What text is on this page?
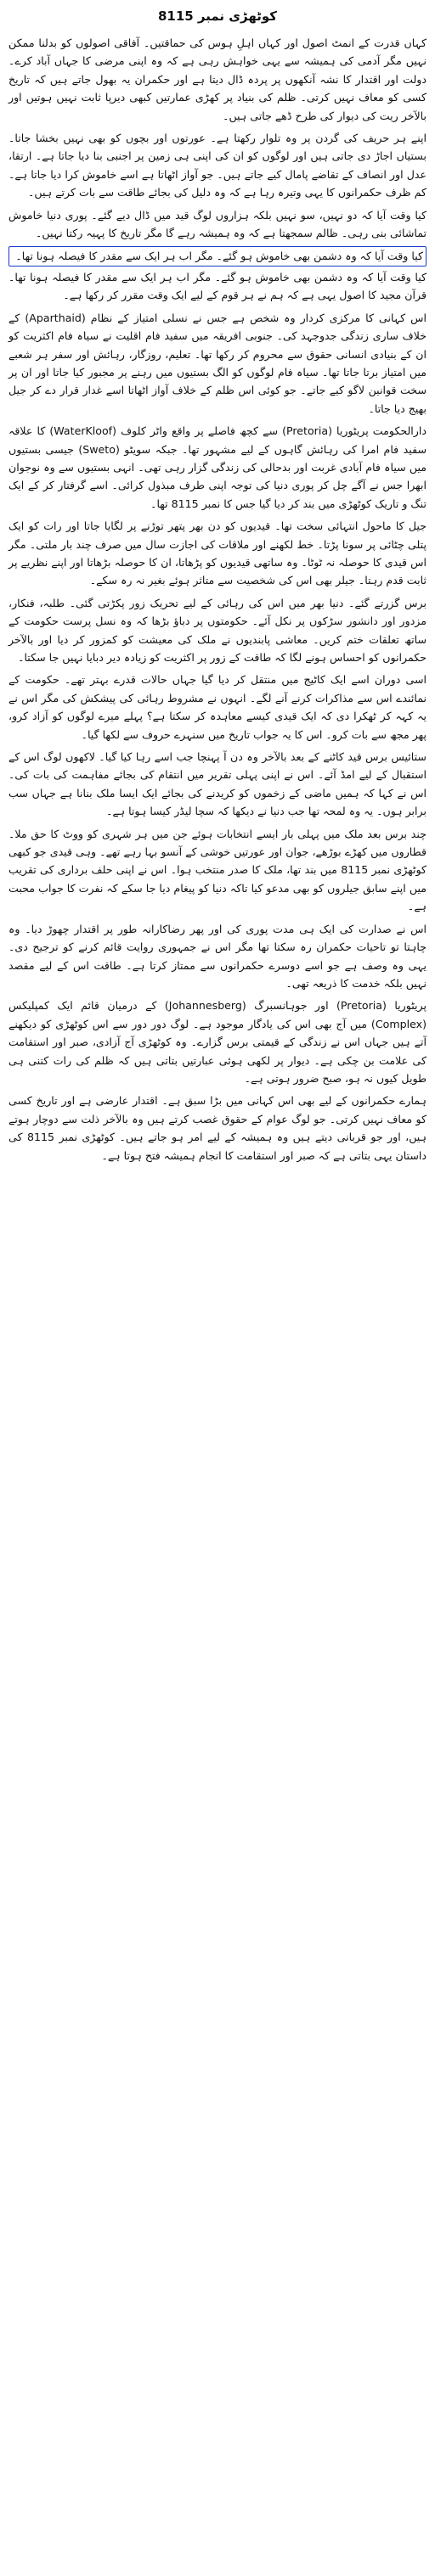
کوٹھڑی نمبر 8115

کہاں قدرت کے انمٹ اصول اور کہاں اہلِ ہوس کی حماقتیں۔ آفاقی اصولوں کو بدلنا ممکن نہیں مگر آدمی کی ہمیشہ سے یہی خواہش رہی ہے کہ وہ اپنی مرضی کا جہاں آباد کرے۔ دولت اور اقتدار کا نشہ آنکھوں پر پردہ ڈال دیتا ہے اور حکمران یہ بھول جاتے ہیں کہ تاریخ کسی کو معاف نہیں کرتی۔ ظلم کی بنیاد پر کھڑی عمارتیں کبھی دیرپا ثابت نہیں ہوتیں اور بالآخر ریت کی دیوار کی طرح ڈھے جاتی ہیں۔

اپنے ہر حریف کی گردن پر وہ تلوار رکھتا ہے۔ عورتوں اور بچوں کو بھی نہیں بخشا جاتا۔ بستیاں اجاڑ دی جاتی ہیں اور لوگوں کو ان کی اپنی ہی زمین پر اجنبی بنا دیا جاتا ہے۔ ارتقا، عدل اور انصاف کے تقاضے پامال کیے جاتے ہیں۔ جو آواز اٹھاتا ہے اسے خاموش کرا دیا جاتا ہے۔ کم ظرف حکمرانوں کا یہی وتیرہ رہا ہے کہ وہ دلیل کی بجائے طاقت سے بات کرتے ہیں۔

کیا وقت آیا کہ دو نہیں، سو نہیں بلکہ ہزاروں لوگ قید میں ڈال دیے گئے۔ پوری دنیا خاموش تماشائی بنی رہی۔ ظالم سمجھتا ہے کہ وہ ہمیشہ رہے گا مگر تاریخ کا پہیہ رکتا نہیں۔

کیا وقت آیا کہ وہ دشمن بھی خاموش ہو گئے۔ مگر اب ہر ایک سے مقدر کا فیصلہ ہونا تھا۔
کیا وقت آیا کہ وہ دشمن بھی خاموش ہو گئے۔ مگر اب ہر ایک سے مقدر کا فیصلہ ہونا تھا۔ قرآن مجید کا اصول یہی ہے کہ ہم نے ہر قوم کے لیے ایک وقت مقرر کر رکھا ہے۔

اس کہانی کا مرکزی کردار وہ شخص ہے جس نے نسلی امتیاز کے نظام (Aparthaid) کے خلاف ساری زندگی جدوجہد کی۔ جنوبی افریقہ میں سفید فام اقلیت نے سیاہ فام اکثریت کو ان کے بنیادی انسانی حقوق سے محروم کر رکھا تھا۔ تعلیم، روزگار، رہائش اور سفر ہر شعبے میں امتیاز برتا جاتا تھا۔ سیاہ فام لوگوں کو الگ بستیوں میں رہنے پر مجبور کیا جاتا اور ان پر سخت قوانین لاگو کیے جاتے۔ جو کوئی اس ظلم کے خلاف آواز اٹھاتا اسے غدار قرار دے کر جیل بھیج دیا جاتا۔

دارالحکومت پریٹوریا (Pretoria) سے کچھ فاصلے پر واقع واٹر کلوف (WaterKloof) کا علاقہ سفید فام امرا کی رہائش گاہوں کے لیے مشہور تھا۔ جبکہ سویٹو (Sweto) جیسی بستیوں میں سیاہ فام آبادی غربت اور بدحالی کی زندگی گزار رہی تھی۔ انہی بستیوں سے وہ نوجوان ابھرا جس نے آگے چل کر پوری دنیا کی توجہ اپنی طرف مبذول کرائی۔ اسے گرفتار کر کے ایک تنگ و تاریک کوٹھڑی میں بند کر دیا گیا جس کا نمبر 8115 تھا۔

جیل کا ماحول انتہائی سخت تھا۔ قیدیوں کو دن بھر پتھر توڑنے پر لگایا جاتا اور رات کو ایک پتلی چٹائی پر سونا پڑتا۔ خط لکھنے اور ملاقات کی اجازت سال میں صرف چند بار ملتی۔ مگر اس قیدی کا حوصلہ نہ ٹوٹا۔ وہ ساتھی قیدیوں کو پڑھاتا، ان کا حوصلہ بڑھاتا اور اپنے نظریے پر ثابت قدم رہتا۔ جیلر بھی اس کی شخصیت سے متاثر ہوئے بغیر نہ رہ سکے۔

برس گزرتے گئے۔ دنیا بھر میں اس کی رہائی کے لیے تحریک زور پکڑتی گئی۔ طلبہ، فنکار، مزدور اور دانشور سڑکوں پر نکل آئے۔ حکومتوں پر دباؤ بڑھا کہ وہ نسل پرست حکومت کے ساتھ تعلقات ختم کریں۔ معاشی پابندیوں نے ملک کی معیشت کو کمزور کر دیا اور بالآخر حکمرانوں کو احساس ہونے لگا کہ طاقت کے زور پر اکثریت کو زیادہ دیر دبایا نہیں جا سکتا۔

اسی دوران اسے ایک کاٹیج میں منتقل کر دیا گیا جہاں حالات قدرے بہتر تھے۔ حکومت کے نمائندے اس سے مذاکرات کرنے آنے لگے۔ انہوں نے مشروط رہائی کی پیشکش کی مگر اس نے یہ کہہ کر ٹھکرا دی کہ ایک قیدی کیسے معاہدہ کر سکتا ہے؟ پہلے میرے لوگوں کو آزاد کرو، پھر مجھ سے بات کرو۔ اس کا یہ جواب تاریخ میں سنہرے حروف سے لکھا گیا۔

ستائیس برس قید کاٹنے کے بعد بالآخر وہ دن آ پہنچا جب اسے رہا کیا گیا۔ لاکھوں لوگ اس کے استقبال کے لیے امڈ آئے۔ اس نے اپنی پہلی تقریر میں انتقام کی بجائے مفاہمت کی بات کی۔ اس نے کہا کہ ہمیں ماضی کے زخموں کو کریدنے کی بجائے ایک ایسا ملک بنانا ہے جہاں سب برابر ہوں۔ یہ وہ لمحہ تھا جب دنیا نے دیکھا کہ سچا لیڈر کیسا ہوتا ہے۔

چند برس بعد ملک میں پہلی بار ایسے انتخابات ہوئے جن میں ہر شہری کو ووٹ کا حق ملا۔ قطاروں میں کھڑے بوڑھے، جوان اور عورتیں خوشی کے آنسو بہا رہے تھے۔ وہی قیدی جو کبھی کوٹھڑی نمبر 8115 میں بند تھا، ملک کا صدر منتخب ہوا۔ اس نے اپنی حلف برداری کی تقریب میں اپنے سابق جیلروں کو بھی مدعو کیا تاکہ دنیا کو پیغام دیا جا سکے کہ نفرت کا جواب محبت ہے۔

اس نے صدارت کی ایک ہی مدت پوری کی اور پھر رضاکارانہ طور پر اقتدار چھوڑ دیا۔ وہ چاہتا تو تاحیات حکمران رہ سکتا تھا مگر اس نے جمہوری روایت قائم کرنے کو ترجیح دی۔ یہی وہ وصف ہے جو اسے دوسرے حکمرانوں سے ممتاز کرتا ہے۔ طاقت اس کے لیے مقصد نہیں بلکہ خدمت کا ذریعہ تھی۔

پریٹوریا (Pretoria) اور جوہانسبرگ (Johannesberg) کے درمیان قائم ایک کمپلیکس (Complex) میں آج بھی اس کی یادگار موجود ہے۔ لوگ دور دور سے اس کوٹھڑی کو دیکھنے آتے ہیں جہاں اس نے زندگی کے قیمتی برس گزارے۔ وہ کوٹھڑی آج آزادی، صبر اور استقامت کی علامت بن چکی ہے۔ دیوار پر لکھی ہوئی عبارتیں بتاتی ہیں کہ ظلم کی رات کتنی ہی طویل کیوں نہ ہو، صبح ضرور ہوتی ہے۔

ہمارے حکمرانوں کے لیے بھی اس کہانی میں بڑا سبق ہے۔ اقتدار عارضی ہے اور تاریخ کسی کو معاف نہیں کرتی۔ جو لوگ عوام کے حقوق غصب کرتے ہیں وہ بالآخر ذلت سے دوچار ہوتے ہیں، اور جو قربانی دیتے ہیں وہ ہمیشہ کے لیے امر ہو جاتے ہیں۔ کوٹھڑی نمبر 8115 کی داستان یہی بتاتی ہے کہ صبر اور استقامت کا انجام ہمیشہ فتح ہوتا ہے۔
